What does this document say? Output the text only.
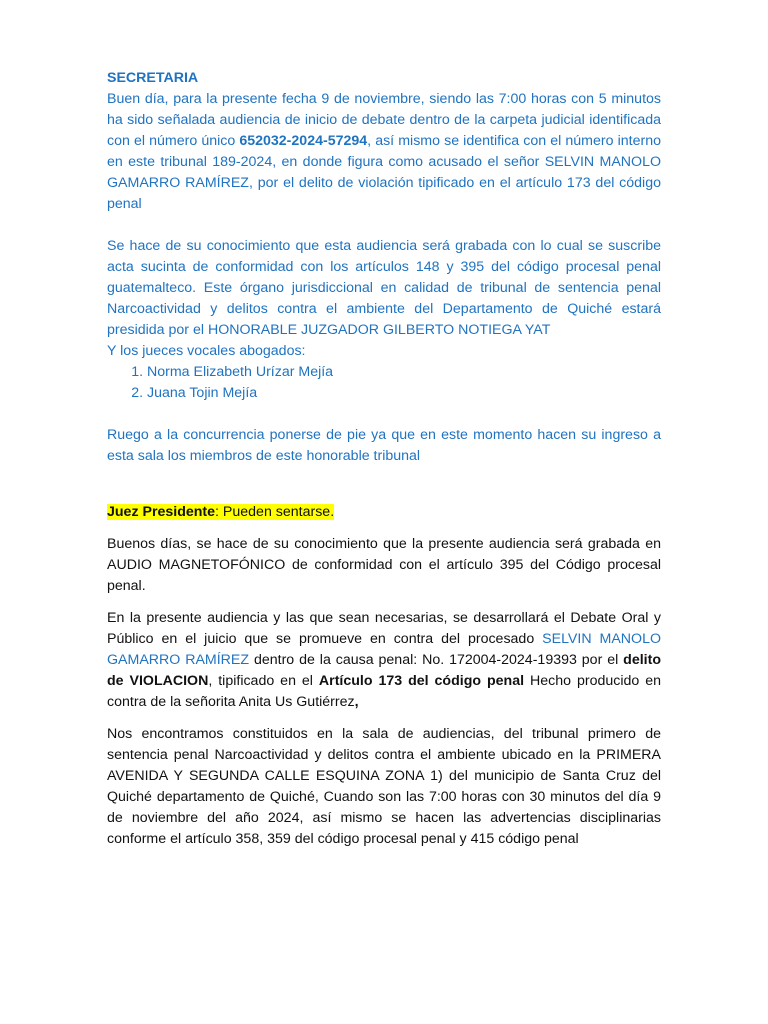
SECRETARIA

Buen día, para la presente fecha 9 de noviembre, siendo las 7:00 horas con 5 minutos ha sido señalada audiencia de inicio de debate dentro de la carpeta judicial identificada con el número único 652032-2024-57294, así mismo se identifica con el número interno en este tribunal 189-2024, en donde figura como acusado el señor SELVIN MANOLO GAMARRO RAMÍREZ, por el delito de violación tipificado en el artículo 173 del código penal

Se hace de su conocimiento que esta audiencia será grabada con lo cual se suscribe acta sucinta de conformidad con los artículos 148 y 395 del código procesal penal guatemalteco. Este órgano jurisdiccional en calidad de tribunal de sentencia penal Narcoactividad y delitos contra el ambiente del Departamento de Quiché estará presidida por el HONORABLE JUZGADOR GILBERTO NOTIEGA YAT

Y los jueces vocales abogados:

1. Norma Elizabeth Urízar Mejía
2. Juana Tojin Mejía

Ruego a la concurrencia ponerse de pie ya que en este momento hacen su ingreso a esta sala los miembros de este honorable tribunal

Juez Presidente: Pueden sentarse.

Buenos días, se hace de su conocimiento que la presente audiencia será grabada en AUDIO MAGNETOFÓNICO de conformidad con el artículo 395 del Código procesal penal.

En la presente audiencia y las que sean necesarias, se desarrollará el Debate Oral y Público en el juicio que se promueve en contra del procesado SELVIN MANOLO GAMARRO RAMÍREZ dentro de la causa penal: No. 172004-2024-19393 por el delito de VIOLACION, tipificado en el Artículo 173 del código penal Hecho producido en contra de la señorita Anita Us Gutiérrez,

Nos encontramos constituidos en la sala de audiencias, del tribunal primero de sentencia penal Narcoactividad y delitos contra el ambiente ubicado en la PRIMERA AVENIDA Y SEGUNDA CALLE ESQUINA ZONA 1) del municipio de Santa Cruz del Quiché departamento de Quiché, Cuando son las 7:00 horas con 30 minutos del día 9 de noviembre del año 2024, así mismo se hacen las advertencias disciplinarias conforme el artículo 358, 359 del código procesal penal y 415 código penal
